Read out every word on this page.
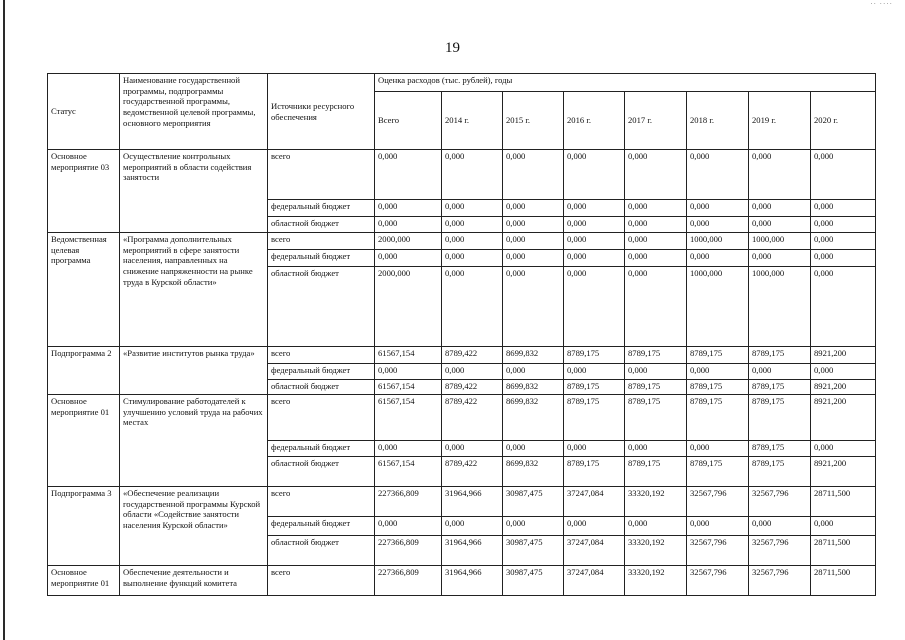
·· ····
19
Статус	Наименование государственной программы, подпрограммы государственной программы, ведомственной целевой программы, основного мероприятия	Источники ресурсного обеспечения	Оценка расходов (тыс. рублей), годы							
			Всего	2014 г.	2015 г.	2016 г.	2017 г.	2018 г.	2019 г.	2020 г.
Основное мероприятие 03	Осуществление контрольных мероприятий в области содействия занятости	всего	0,000	0,000	0,000	0,000	0,000	0,000	0,000	0,000
		федеральный бюджет	0,000	0,000	0,000	0,000	0,000	0,000	0,000	0,000
		областной бюджет	0,000	0,000	0,000	0,000	0,000	0,000	0,000	0,000
Ведомственная целевая программа	«Программа дополнительных мероприятий в сфере занятости населения, направленных на снижение напряженности на рынке труда в Курской области»	всего	2000,000	0,000	0,000	0,000	0,000	1000,000	1000,000	0,000
		федеральный бюджет	0,000	0,000	0,000	0,000	0,000	0,000	0,000	0,000
		областной бюджет	2000,000	0,000	0,000	0,000	0,000	1000,000	1000,000	0,000
Подпрограмма 2	«Развитие институтов рынка труда»	всего	61567,154	8789,422	8699,832	8789,175	8789,175	8789,175	8789,175	8921,200
		федеральный бюджет	0,000	0,000	0,000	0,000	0,000	0,000	0,000	0,000
		областной бюджет	61567,154	8789,422	8699,832	8789,175	8789,175	8789,175	8789,175	8921,200
Основное мероприятие 01	Стимулирование работодателей к улучшению условий труда на рабочих местах	всего	61567,154	8789,422	8699,832	8789,175	8789,175	8789,175	8789,175	8921,200
		федеральный бюджет	0,000	0,000	0,000	0,000	0,000	0,000	8789,175	0,000
		областной бюджет	61567,154	8789,422	8699,832	8789,175	8789,175	8789,175	8789,175	8921,200
Подпрограмма 3	«Обеспечение реализации государственной программы Курской области «Содействие занятости населения Курской области»	всего	227366,809	31964,966	30987,475	37247,084	33320,192	32567,796	32567,796	28711,500
		федеральный бюджет	0,000	0,000	0,000	0,000	0,000	0,000	0,000	0,000
		областной бюджет	227366,809	31964,966	30987,475	37247,084	33320,192	32567,796	32567,796	28711,500
Основное мероприятие 01	Обеспечение деятельности и выполнение функций комитета	всего	227366,809	31964,966	30987,475	37247,084	33320,192	32567,796	32567,796	28711,500
